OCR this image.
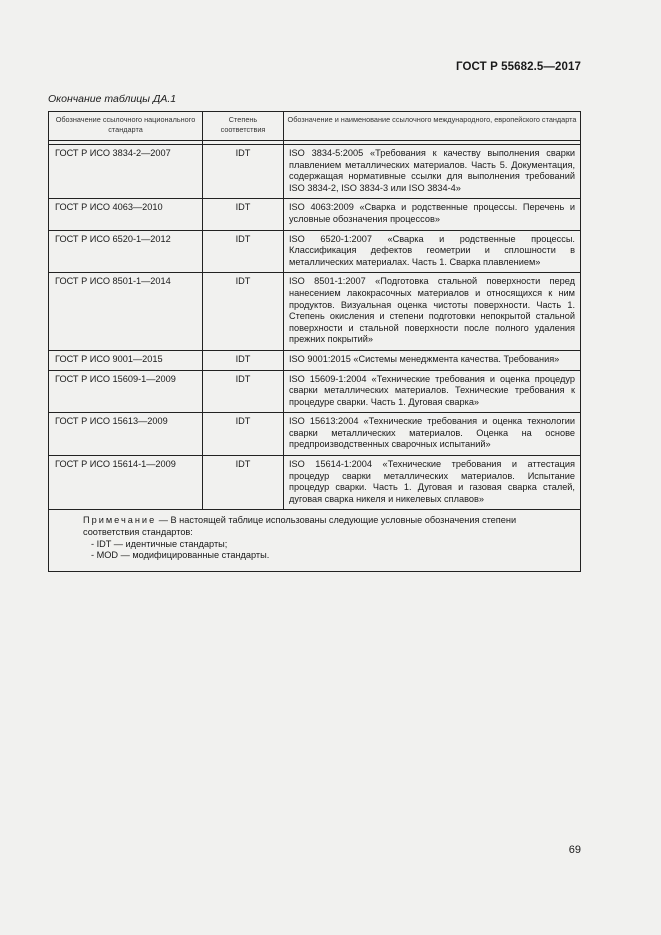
ГОСТ Р 55682.5—2017
Окончание таблицы ДА.1
Обозначение ссылочного национального стандарта	Степень соответствия	Обозначение и наименование ссылочного международного, европейского стандарта

ГОСТ Р ИСО 3834-2—2007	IDT	ISO 3834-5:2005 «Требования к качеству выполнения сварки плавлением металлических материалов. Часть 5. Документация, содержащая нормативные ссылки для выполнения требований ISO 3834-2, ISO 3834-3 или ISO 3834-4»
ГОСТ Р ИСО 4063—2010	IDT	ISO 4063:2009 «Сварка и родственные процессы. Перечень и условные обозначения процессов»
ГОСТ Р ИСО 6520-1—2012	IDT	ISO 6520-1:2007 «Сварка и родственные процессы. Классификация дефектов геометрии и сплошности в металлических материалах. Часть 1. Сварка плавлением»
ГОСТ Р ИСО 8501-1—2014	IDT	ISO 8501-1:2007 «Подготовка стальной поверхности перед нанесением лакокрасочных материалов и относящихся к ним продуктов. Визуальная оценка чистоты поверхности. Часть 1. Степень окисления и степени подготовки непокрытой стальной поверхности и стальной поверхности после полного удаления прежних покрытий»
ГОСТ Р ИСО 9001—2015	IDT	ISO 9001:2015 «Системы менеджмента качества. Требования»
ГОСТ Р ИСО 15609-1—2009	IDT	ISO 15609-1:2004 «Технические требования и оценка процедур сварки металлических материалов. Технические требования к процедуре сварки. Часть 1. Дуговая сварка»
ГОСТ Р ИСО 15613—2009	IDT	ISO 15613:2004 «Технические требования и оценка технологии сварки металлических материалов. Оценка на основе предпроизводственных сварочных испытаний»
ГОСТ Р ИСО 15614-1—2009	IDT	ISO 15614-1:2004 «Технические требования и аттестация процедур сварки металлических материалов. Испытание процедур сварки. Часть 1. Дуговая и газовая сварка сталей, дуговая сварка никеля и никелевых сплавов»

Примечание — В настоящей таблице использованы следующие условные обозначения степени соответствия стандартов:
- IDT — идентичные стандарты;
- MOD — модифицированные стандарты.		
69
